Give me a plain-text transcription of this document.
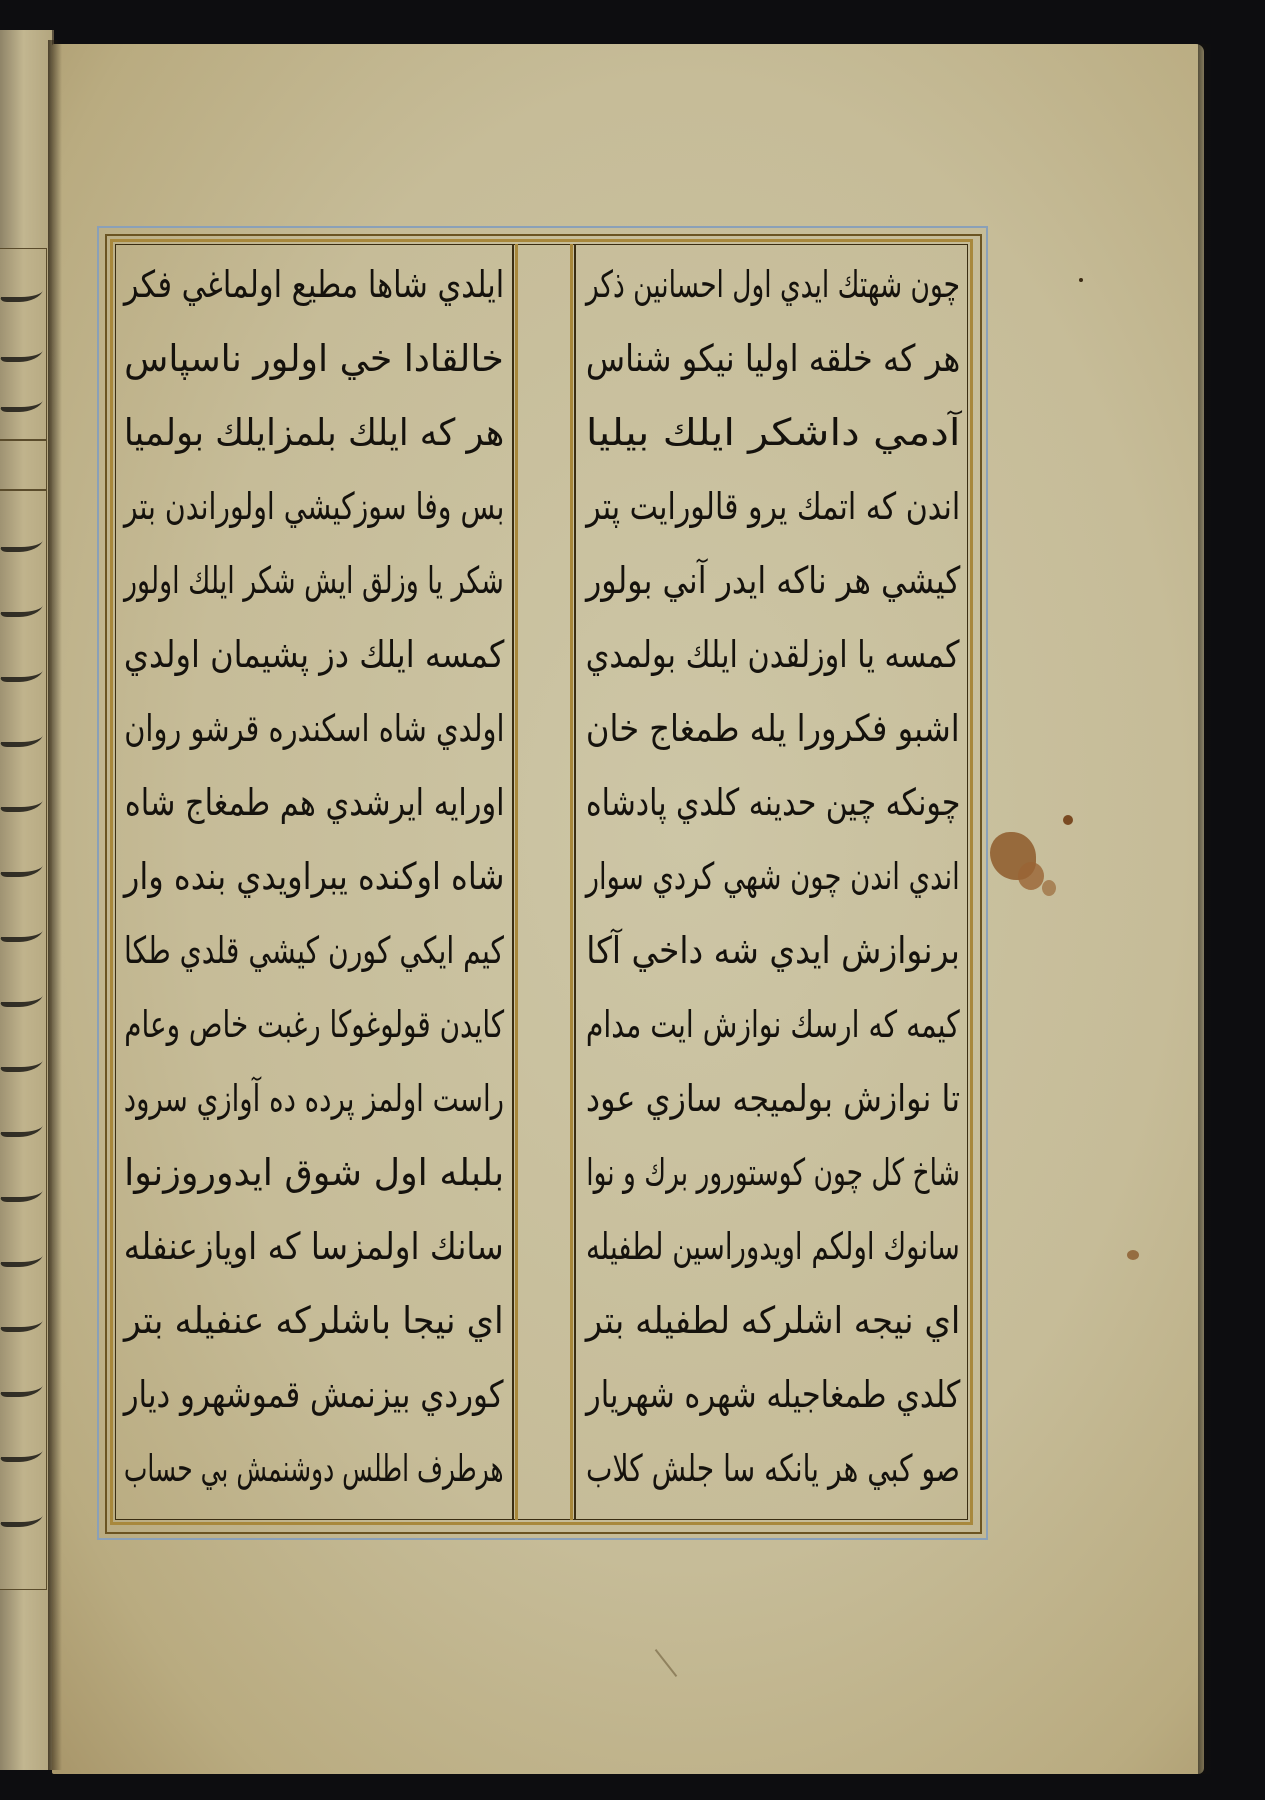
چون شهتك ایدي اول احسانين ذكر
هر كه خلقه اوليا نيكو شناس
آدمي داشكر ايلك بيليا
اندن كه اتمك يرو قالورايت پتر
كيشي هر ناكه ايدر آني بولور
كمسه يا اوزلقدن ايلك بولمدي
اشبو فكرورا يله طمغاج خان
چونكه چين حدينه كلدي پادشاه
اندي اندن چون شهي كردي سوار
برنوازش ايدي شه داخي آكا
كيمه كه ارسك نوازش ايت مدام
تا نوازش بولميجه سازي عود
شاخ كل چون كوستورور برك و نوا
سانوك اولكم اويدوراسين لطفيله
اي نيجه اشلركه لطفيله بتر
كلدي طمغاجيله شهره شهريار
صو كبي هر يانكه سا جلش كلاب
ايلدي شاها مطيع اولماغي فكر
خالقادا خي اولور ناسپاس
هر كه ايلك بلمزايلك بولميا
بس وفا سوزكيشي اولوراندن بتر
شكر يا وزلق ايش شكر ايلك اولور
كمسه ايلك دز پشيمان اولدي
اولدي شاه اسكندره قرشو روان
اورايه ايرشدي هم طمغاج شاه
شاه اوكنده يبراويدي بنده وار
كيم ايكي كورن كيشي قلدي طكا
كايدن قولوغوكا رغبت خاص وعام
راست اولمز پرده ده آوازي سرود
بلبله اول شوق ايدوروزنوا
سانك اولمزسا كه اويازعنفله
اي نيجا باشلركه عنفيله بتر
كوردي بيزنمش قموشهرو ديار
هرطرف اطلس دوشنمش بي حساب
